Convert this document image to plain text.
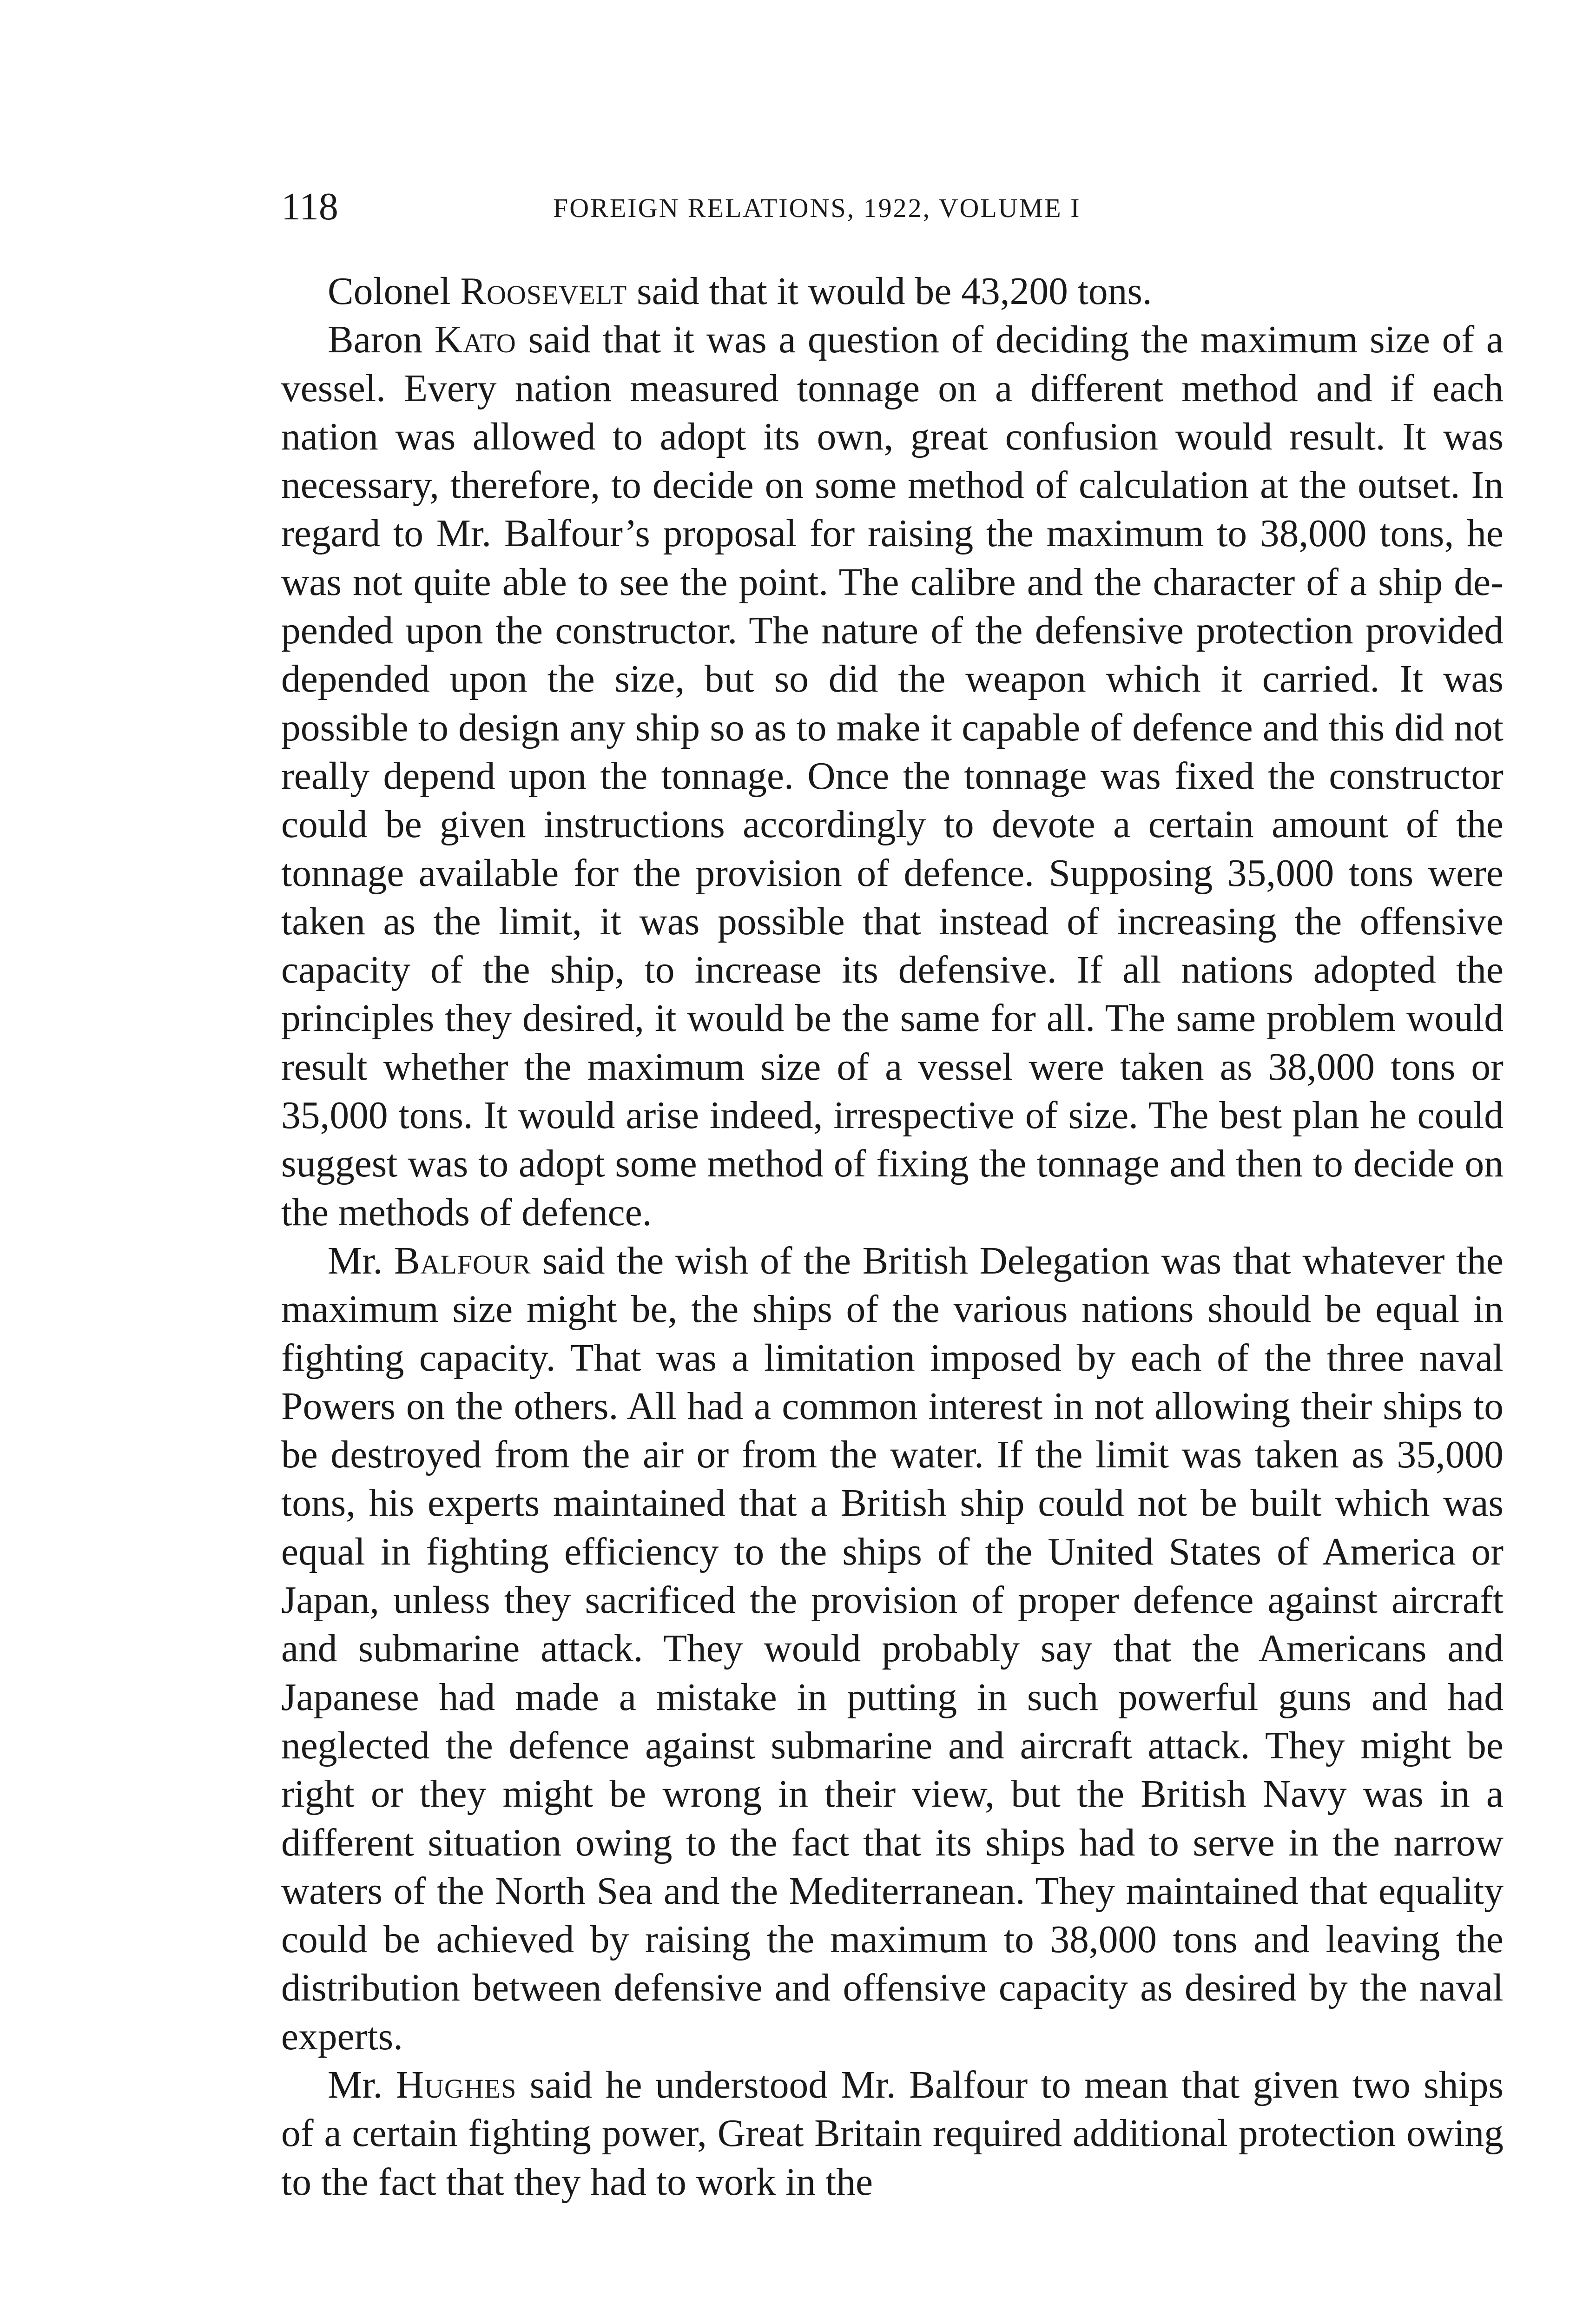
118	FOREIGN RELATIONS, 1922, VOLUME I

Colonel Roosevelt said that it would be 43,200 tons.

Baron Kato said that it was a question of deciding the maximum size of a vessel. Every nation measured tonnage on a different method and if each nation was allowed to adopt its own, great confusion would result. It was necessary, therefore, to decide on some method of calculation at the outset. In regard to Mr. Balfour’s proposal for raising the maximum to 38,000 tons, he was not quite able to see the point. The calibre and the character of a ship depended upon the constructor. The nature of the defensive protection provided depended upon the size, but so did the weapon which it carried. It was possible to design any ship so as to make it capable of defence and this did not really depend upon the tonnage. Once the tonnage was fixed the constructor could be given instructions accordingly to devote a certain amount of the tonnage available for the provision of defence. Supposing 35,000 tons were taken as the limit, it was possible that instead of increasing the offensive capacity of the ship, to increase its defensive. If all nations adopted the principles they desired, it would be the same for all. The same problem would result whether the maximum size of a vessel were taken as 38,000 tons or 35,000 tons. It would arise indeed, irrespective of size. The best plan he could suggest was to adopt some method of fixing the tonnage and then to decide on the methods of defence.

Mr. Balfour said the wish of the British Delegation was that whatever the maximum size might be, the ships of the various nations should be equal in fighting capacity. That was a limitation imposed by each of the three naval Powers on the others. All had a common interest in not allowing their ships to be destroyed from the air or from the water. If the limit was taken as 35,000 tons, his experts maintained that a British ship could not be built which was equal in fighting efficiency to the ships of the United States of America or Japan, unless they sacrificed the provision of proper defence against aircraft and submarine attack. They would probably say that the Americans and Japanese had made a mistake in putting in such powerful guns and had neglected the defence against submarine and aircraft attack. They might be right or they might be wrong in their view, but the British Navy was in a different situation owing to the fact that its ships had to serve in the narrow waters of the North Sea and the Mediterranean. They maintained that equality could be achieved by raising the maximum to 38,000 tons and leaving the distribution between defensive and offensive capacity as desired by the naval experts.

Mr. Hughes said he understood Mr. Balfour to mean that given two ships of a certain fighting power, Great Britain required additional protection owing to the fact that they had to work in the
